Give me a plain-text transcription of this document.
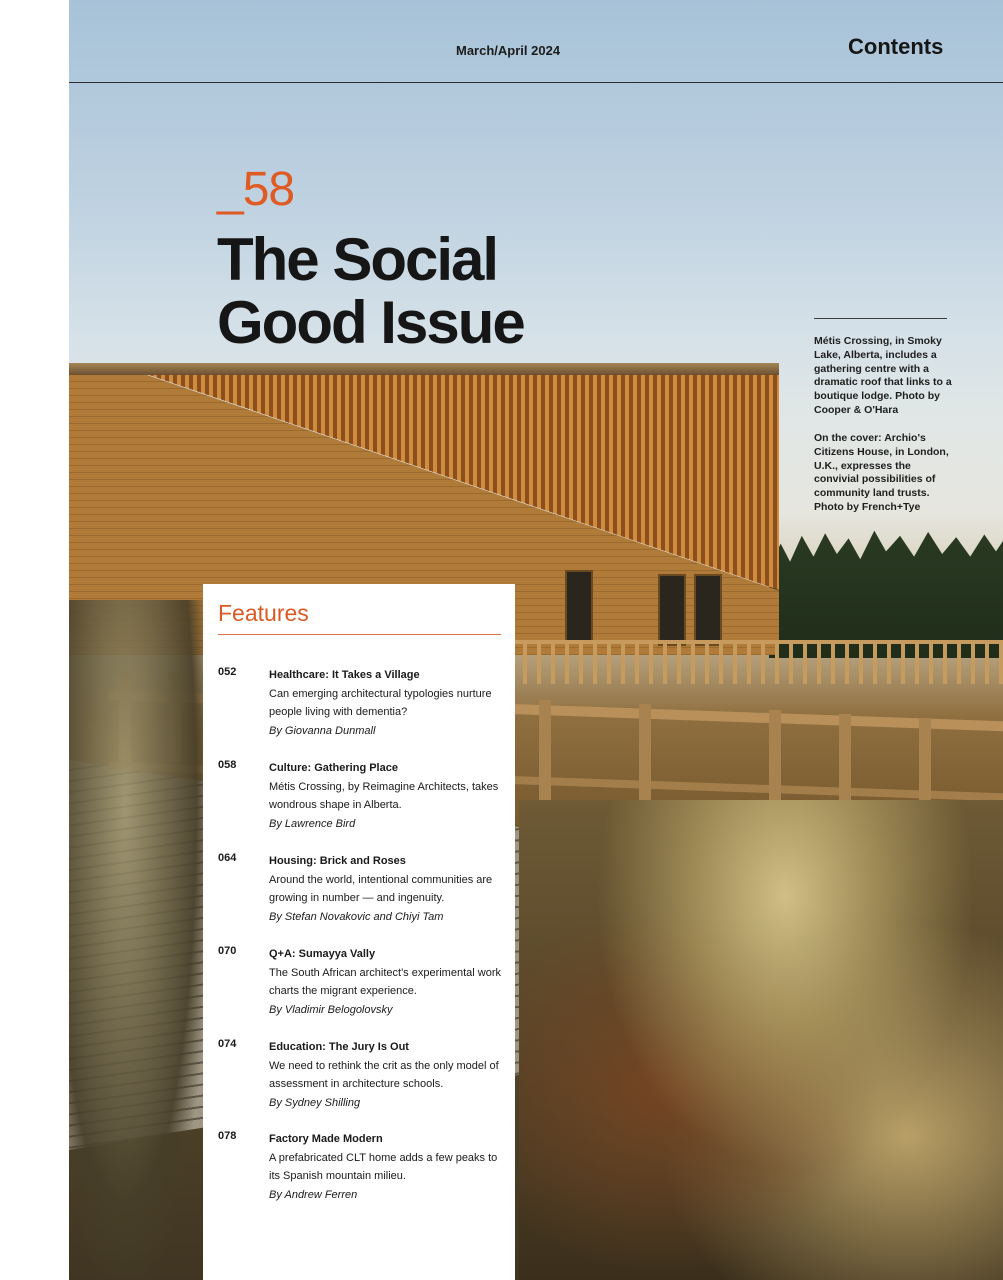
March/April 2024	Contents
_58
The Social Good Issue	Métis Crossing, in Smoky Lake, Alberta, includes a gathering centre with a dramatic roof that links to a boutique lodge. Photo by Cooper & O'Hara
On the cover: Archio's Citizens House, in London, U.K., expresses the convivial possibilities of community land trusts. Photo by French+Tye
Features
052	Healthcare: It Takes a Village
Can emerging architectural typologies nurture people living with dementia?
By Giovanna Dunmall
058	Culture: Gathering Place
Métis Crossing, by Reimagine Architects, takes wondrous shape in Alberta.
By Lawrence Bird
064	Housing: Brick and Roses
Around the world, intentional communities are growing in number — and ingenuity.
By Stefan Novakovic and Chiyi Tam
070	Q+A: Sumayya Vally
The South African architect's experimental work charts the migrant experience.
By Vladimir Belogolovsky
074	Education: The Jury Is Out
We need to rethink the crit as the only model of assessment in architecture schools.
By Sydney Shilling
078	Factory Made Modern
A prefabricated CLT home adds a few peaks to its Spanish mountain milieu.
By Andrew Ferren
